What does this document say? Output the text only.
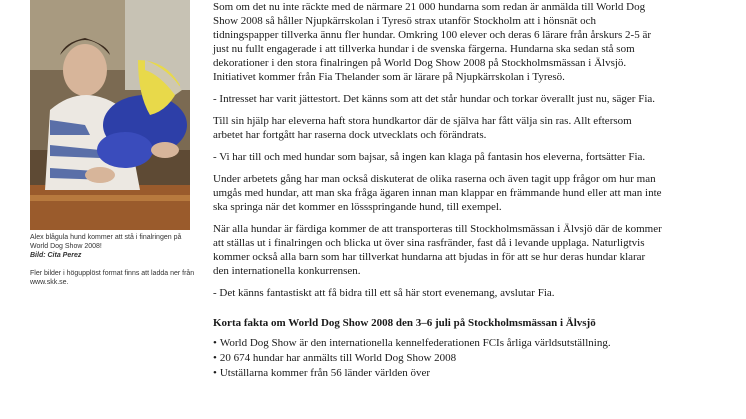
Alex blågula hund kommer att stå i finalringen på World Dog Show 2008!

Bild: Cita Perez

Fler bilder i högupplöst format finns att ladda ner från www.skk.se.

Som om det nu inte räckte med de närmare 21 000 hundarna som redan är anmälda till World Dog Show 2008 så håller Njupkärrskolan i Tyresö strax utanför Stockholm att i hönsnät och tidningspapper tillverka ännu fler hundar. Omkring 100 elever och deras 6 lärare från årskurs 2-5 är just nu fullt engagerade i att tillverka hundar i de svenska färgerna. Hundarna ska sedan stå som dekorationer i den stora finalringen på World Dog Show 2008 på Stockholmsmässan i Älvsjö. Initiativet kommer från Fia Thelander som är lärare på Njupkärrskolan i Tyresö.

- Intresset har varit jättestort. Det känns som att det står hundar och torkar överallt just nu, säger Fia.

Till sin hjälp har eleverna haft stora hundkartor där de själva har fått välja sin ras. Allt eftersom arbetet har fortgått har raserna dock utvecklats och förändrats.

- Vi har till och med hundar som bajsar, så ingen kan klaga på fantasin hos eleverna, fortsätter Fia.

Under arbetets gång har man också diskuterat de olika raserna och även tagit upp frågor om hur man umgås med hundar, att man ska fråga ägaren innan man klappar en främmande hund eller att man inte ska springa när det kommer en lössspringande hund, till exempel.

När alla hundar är färdiga kommer de att transporteras till Stockholmsmässan i Älvsjö där de kommer att ställas ut i finalringen och blicka ut över sina rasfränder, fast då i levande upplaga. Naturligtvis kommer också alla barn som har tillverkat hundarna att bjudas in för att se hur deras hundar klarar den internationella konkurrensen.

- Det känns fantastiskt att få bidra till ett så här stort evenemang, avslutar Fia.

Korta fakta om World Dog Show 2008 den 3–6 juli på Stockholmsmässan i Älvsjö
• World Dog Show är den internationella kennelfederationen FCIs årliga världsutställning.
• 20 674 hundar har anmälts till World Dog Show 2008
• Utställarna kommer från 56 länder världen över
